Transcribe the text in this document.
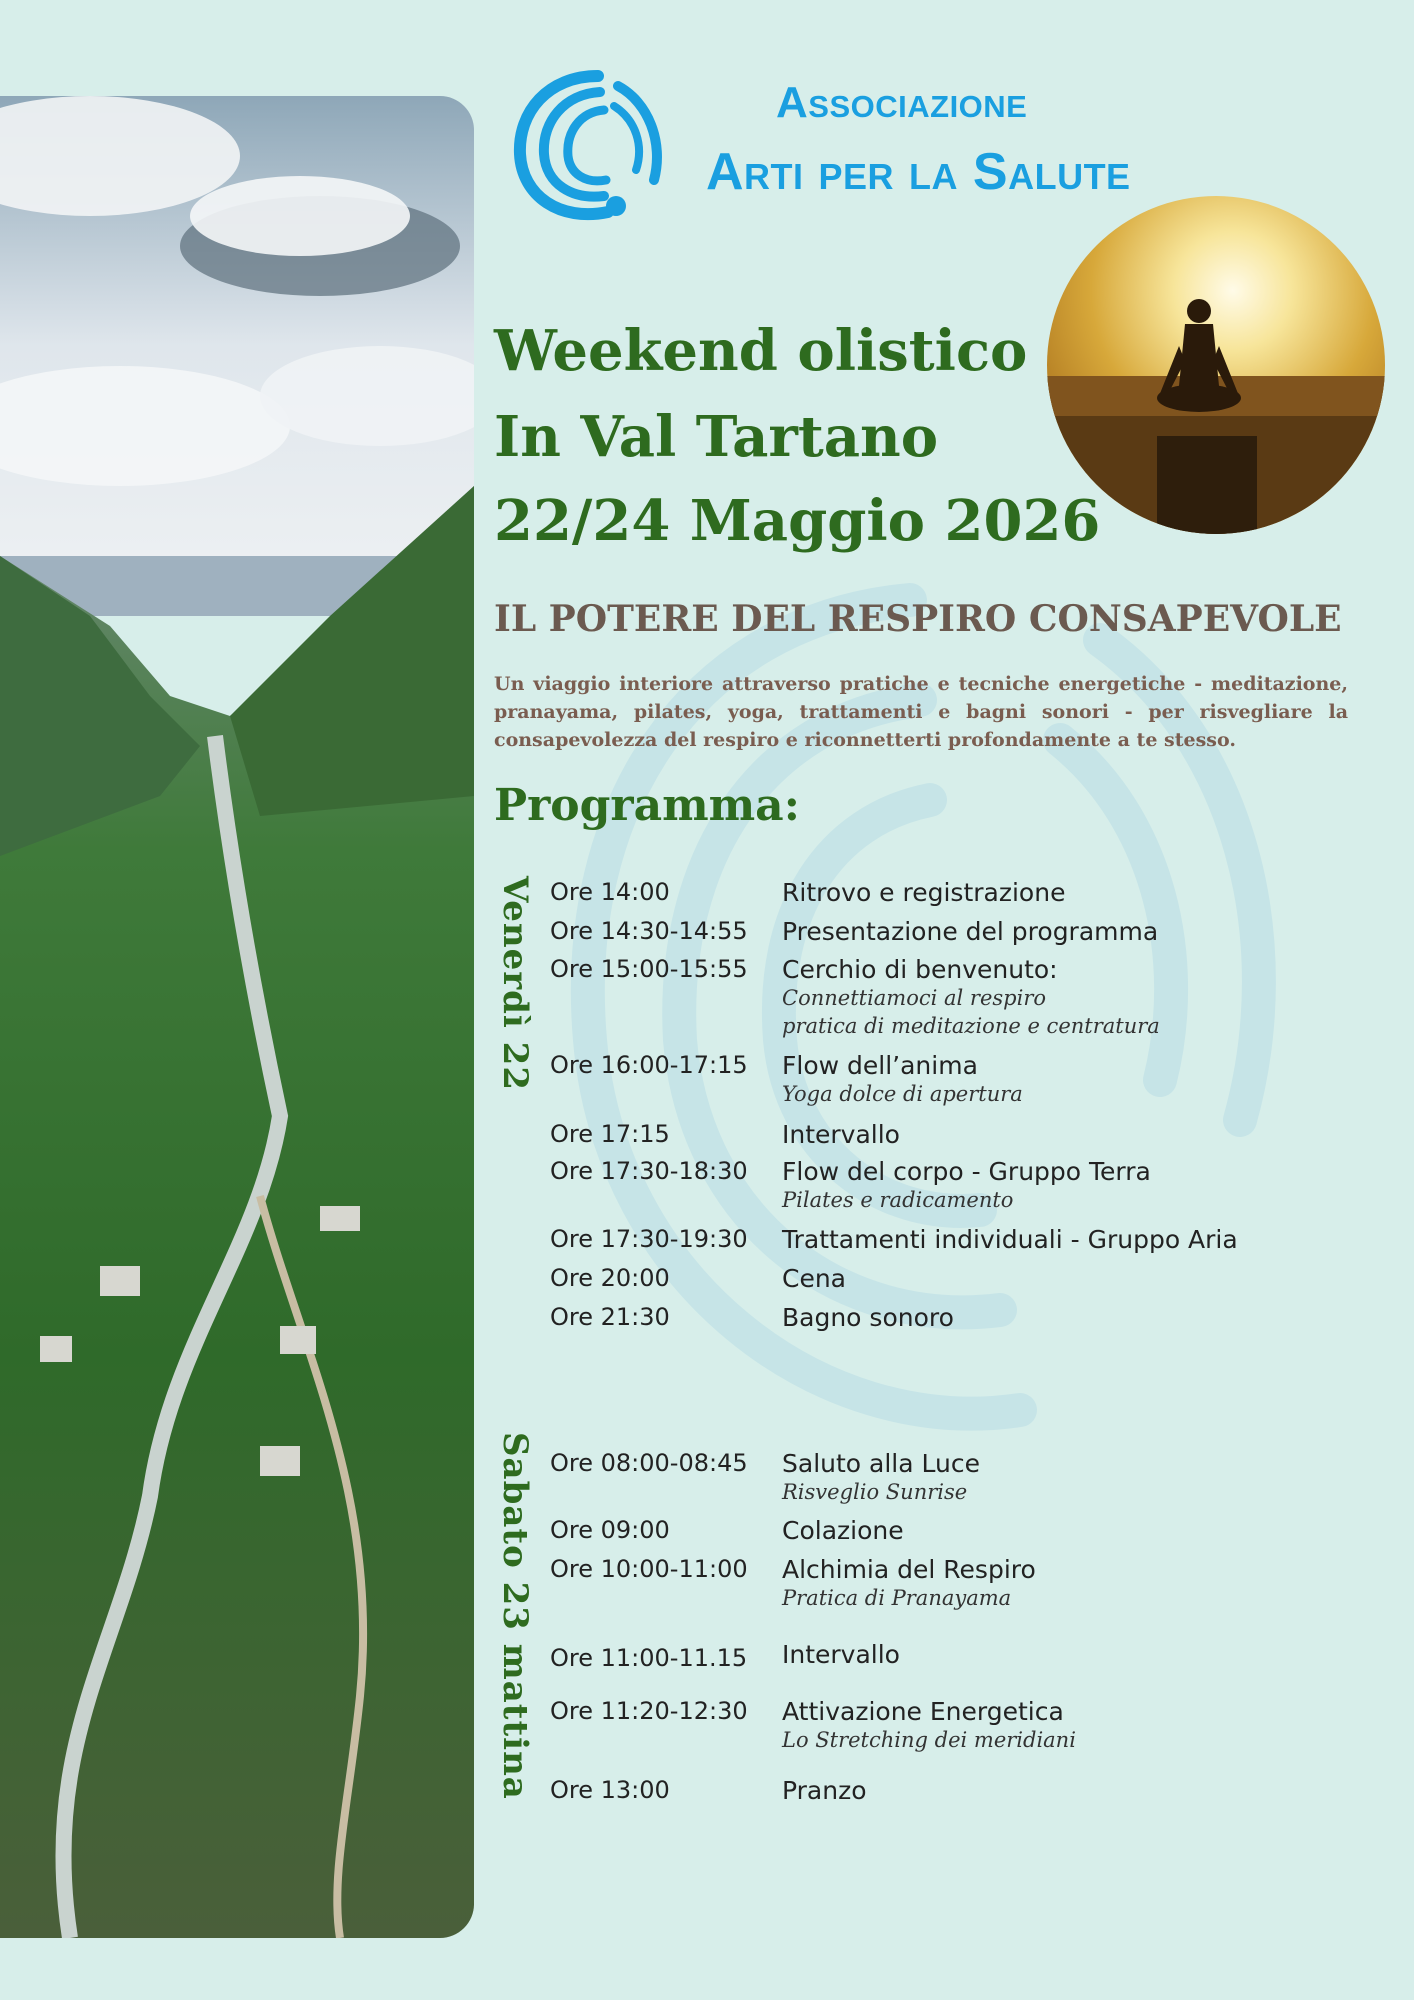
Associazione
Arti per la Salute
Weekend olistico
In Val Tartano
22/24 Maggio 2026
IL POTERE DEL RESPIRO CONSAPEVOLE
Un viaggio interiore attraverso pratiche e tecniche energetiche - meditazione, pranayama, pilates, yoga, trattamenti e bagni sonori - per risvegliare la consapevolezza del respiro e riconnetterti profondamente a te stesso.
Programma:
Venerdì 22
Sabato 23 mattina
Ore 14:00	Ritrovo e registrazione
Ore 14:30-14:55	Presentazione del programma
Ore 15:00-15:55	Cerchio di benvenuto:
Connettiamoci al respiro
pratica di meditazione e centratura
Ore 16:00-17:15	Flow dell’anima
Yoga dolce di apertura
Ore 17:15	Intervallo
Ore 17:30-18:30	Flow del corpo - Gruppo Terra
Pilates e radicamento
Ore 17:30-19:30	Trattamenti individuali - Gruppo Aria
Ore 20:00	Cena
Ore 21:30	Bagno sonoro
Ore 08:00-08:45	Saluto alla Luce
Risveglio Sunrise
Ore 09:00	Colazione
Ore 10:00-11:00	Alchimia del Respiro
Pratica di Pranayama
Ore 11:00-11.15	Intervallo
Ore 11:20-12:30	Attivazione Energetica
Lo Stretching dei meridiani
Ore 13:00	Pranzo
